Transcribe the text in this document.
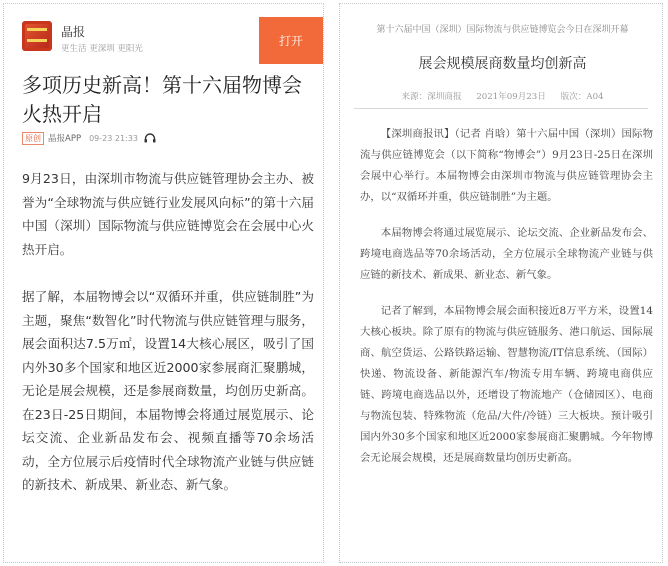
晶报
更生活 更深圳 更阳光
打开
多项历史新高！第十六届物博会火热开启
原创 晶报APP 09-23 21:33

9月23日，由深圳市物流与供应链管理协会主办、被誉为“全球物流与供应链行业发展风向标”的第十六届中国（深圳）国际物流与供应链博览会在会展中心火热开启。

据了解，本届物博会以“双循环并重，供应链制胜”为主题，聚焦“数智化”时代物流与供应链管理与服务，展会面积达7.5万㎡，设置14大核心展区，吸引了国内外30多个国家和地区近2000家参展商汇聚鹏城，无论是展会规模，还是参展商数量，均创历史新高。在23日-25日期间，本届物博会将通过展览展示、论坛交流、企业新品发布会、视频直播等70余场活动，全方位展示后疫情时代全球物流产业链与供应链的新技术、新成果、新业态、新气象。

第十六届中国（深圳）国际物流与供应链博览会今日在深圳开幕
展会规模展商数量均创新高
来源：深圳商报 2021年09月23日 版次：A04

【深圳商报讯】（记者 肖晗）第十六届中国（深圳）国际物流与供应链博览会（以下简称“物博会”）9月23日-25日在深圳会展中心举行。本届物博会由深圳市物流与供应链管理协会主办，以“双循环并重，供应链制胜”为主题。

本届物博会将通过展览展示、论坛交流、企业新品发布会、跨境电商选品等70余场活动，全方位展示全球物流产业链与供应链的新技术、新成果、新业态、新气象。

记者了解到，本届物博会展会面积接近8万平方米，设置14大核心板块。除了原有的物流与供应链服务、港口航运、国际展商、航空货运、公路铁路运输、智慧物流/IT信息系统、（国际）快递、物流设备、新能源汽车/物流专用车辆、跨境电商供应链、跨境电商选品以外，还增设了物流地产（仓储园区）、电商与物流包装、特殊物流（危品/大件/冷链）三大板块。预计吸引国内外30多个国家和地区近2000家参展商汇聚鹏城。今年物博会无论展会规模，还是展商数量均创历史新高。
